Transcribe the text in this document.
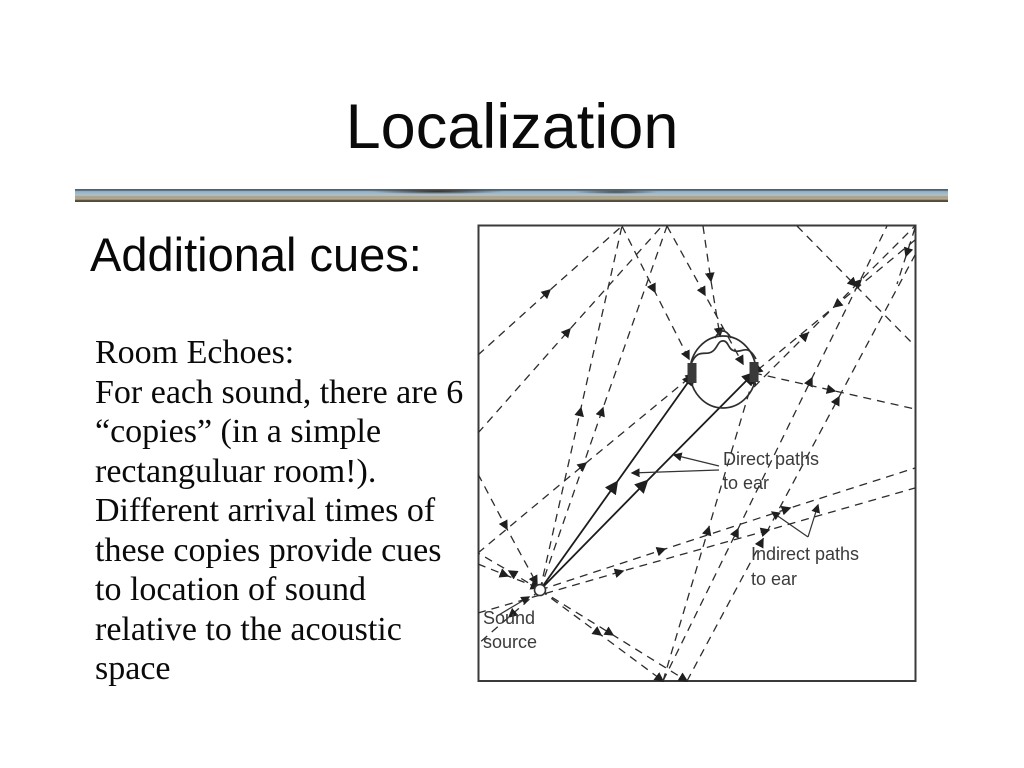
Localization
Additional cues:
Room Echoes:
For each sound, there are 6
“copies” (in a simple
rectanguluar room!).
Different arrival times of
these copies provide cues
to location of sound
relative to the acoustic
space
Direct paths
to ear
Indirect paths
to ear
Sound
source
